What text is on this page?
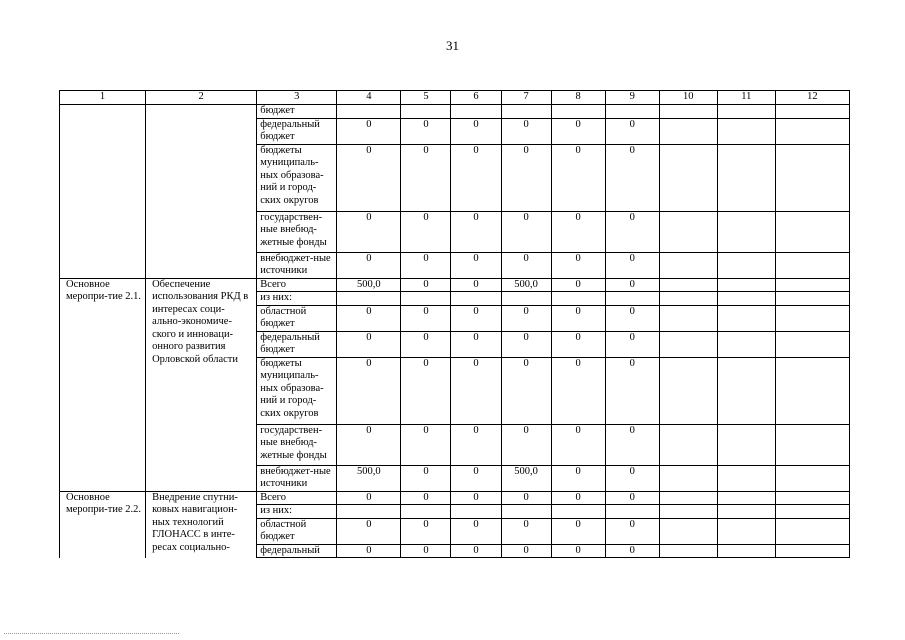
31
1	2	3	4	5	6	7	8	9	10	11	12
		бюджет									
		федеральный бюджет	0	0	0	0	0	0			
		бюджеты муниципаль-ных образова-ний и город-ских округов	0	0	0	0	0	0			
		государствен-ные внебюд-жетные фонды	0	0	0	0	0	0			
		внебюджет-ные источники	0	0	0	0	0	0			
Основное меропри-тие 2.1.	Обеспечение использования РКД в интересах соци-ально-экономиче-ского и инноваци-онного развития Орловской области	Всего	500,0	0	0	500,0	0	0			
		из них:									
		областной бюджет	0	0	0	0	0	0			
		федеральный бюджет	0	0	0	0	0	0			
		бюджеты муниципаль-ных образова-ний и город-ских округов	0	0	0	0	0	0			
		государствен-ные внебюд-жетные фонды	0	0	0	0	0	0			
		внебюджет-ные источники	500,0	0	0	500,0	0	0			
Основное меропри-тие 2.2.	Внедрение спутни-ковых навигацион-ных технологий ГЛОНАСС в инте-ресах социально-	Всего	0	0	0	0	0	0			
		из них:									
		областной бюджет	0	0	0	0	0	0			
		федеральный	0	0	0	0	0	0			
